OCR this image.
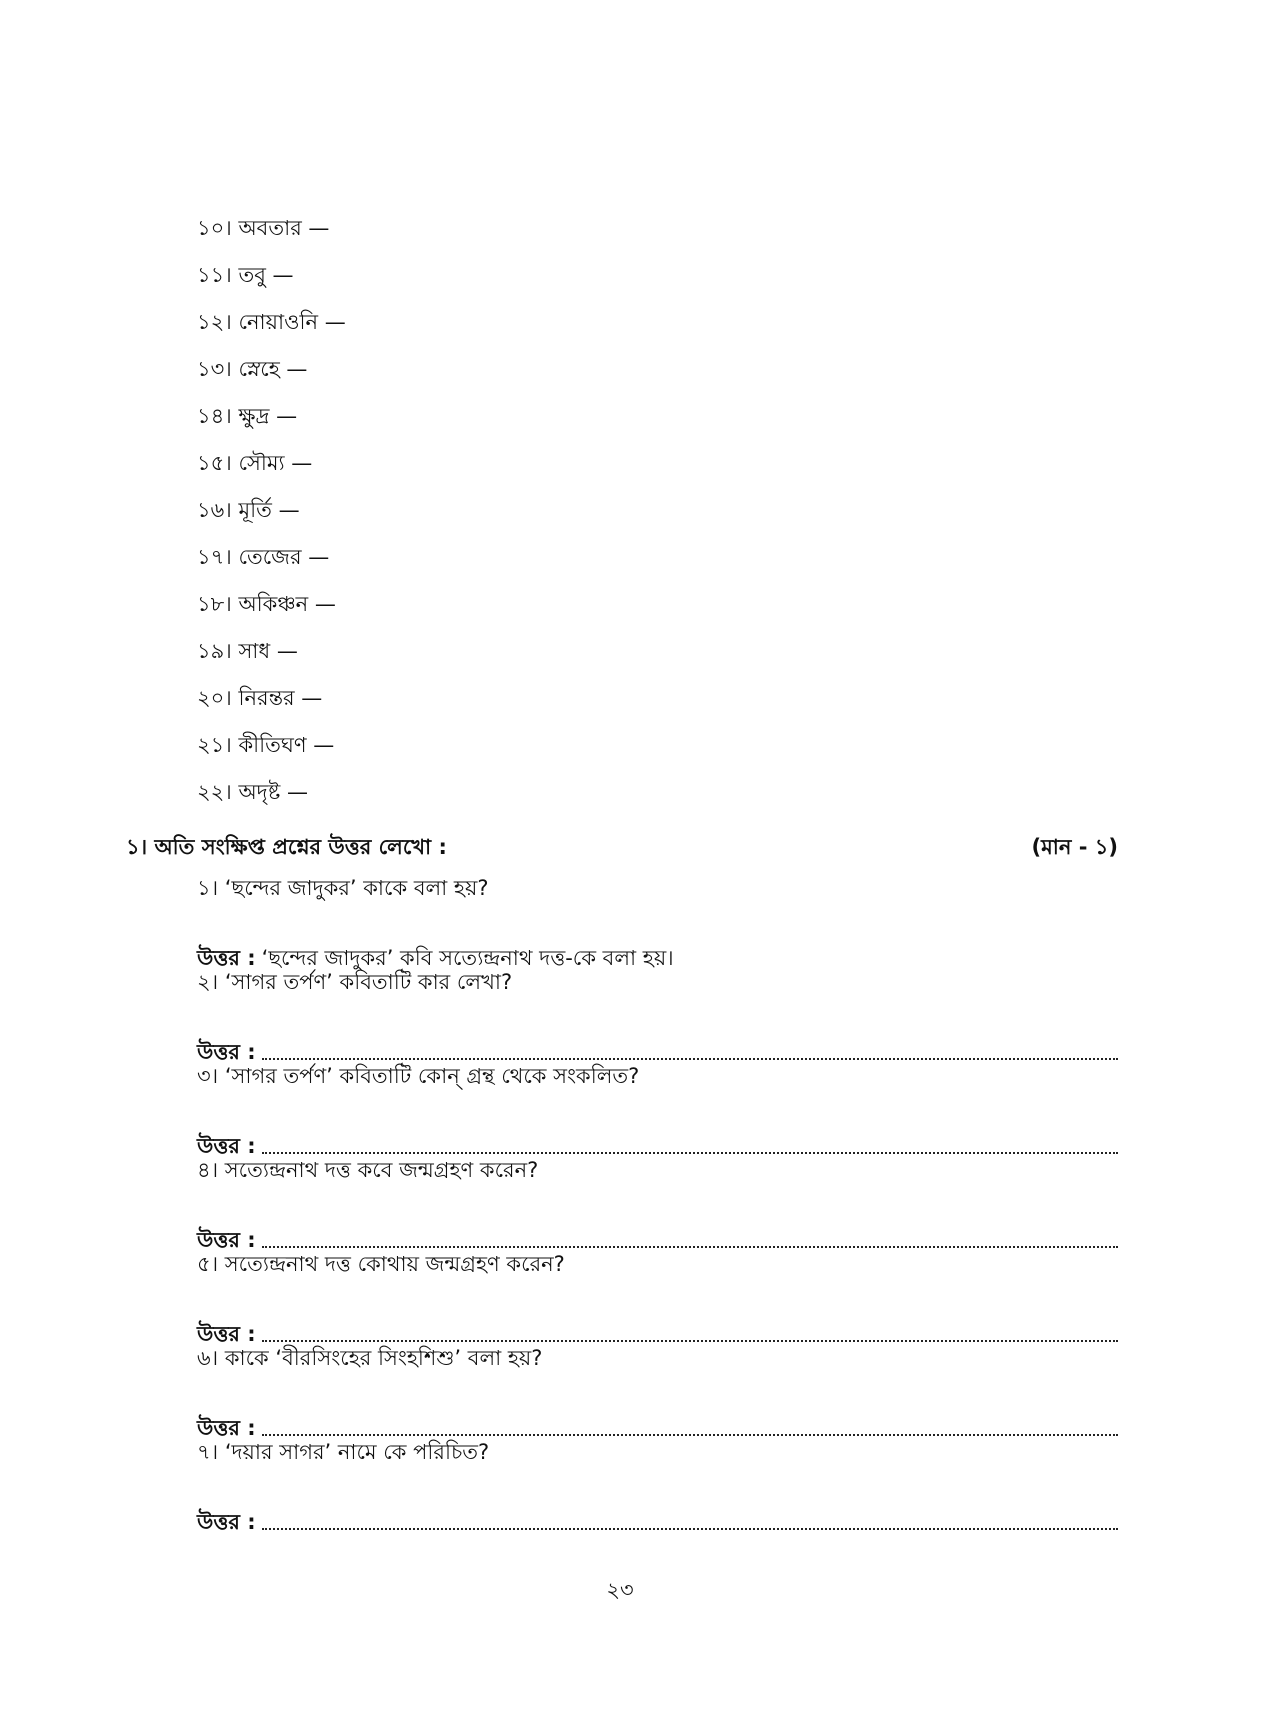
১০। অবতার —
১১। তবু —
১২। নোয়াওনি —
১৩। স্নেহে —
১৪। ক্ষুদ্র —
১৫। সৌম্য —
১৬। মূর্তি —
১৭। তেজের —
১৮। অকিঞ্চন —
১৯। সাধ —
২০। নিরন্তর —
২১। কীতিঘণ —
২২। অদৃষ্ট —
১। অতি সংক্ষিপ্ত প্রশ্নের উত্তর লেখো :	(মান - ১)
১। ‘ছন্দের জাদুকর’ কাকে বলা হয়?
উত্তর : ‘ছন্দের জাদুকর’ কবি সত্যেন্দ্রনাথ দত্ত-কে বলা হয়।
২। ‘সাগর তর্পণ’ কবিতাটি কার লেখা?
উত্তর :
৩। ‘সাগর তর্পণ’ কবিতাটি কোন্ গ্রন্থ থেকে সংকলিত?
উত্তর :
৪। সত্যেন্দ্রনাথ দত্ত কবে জন্মগ্রহণ করেন?
উত্তর :
৫। সত্যেন্দ্রনাথ দত্ত কোথায় জন্মগ্রহণ করেন?
উত্তর :
৬। কাকে ‘বীরসিংহের সিংহশিশু’ বলা হয়?
উত্তর :
৭। ‘দয়ার সাগর’ নামে কে পরিচিত?
উত্তর :
২৩
